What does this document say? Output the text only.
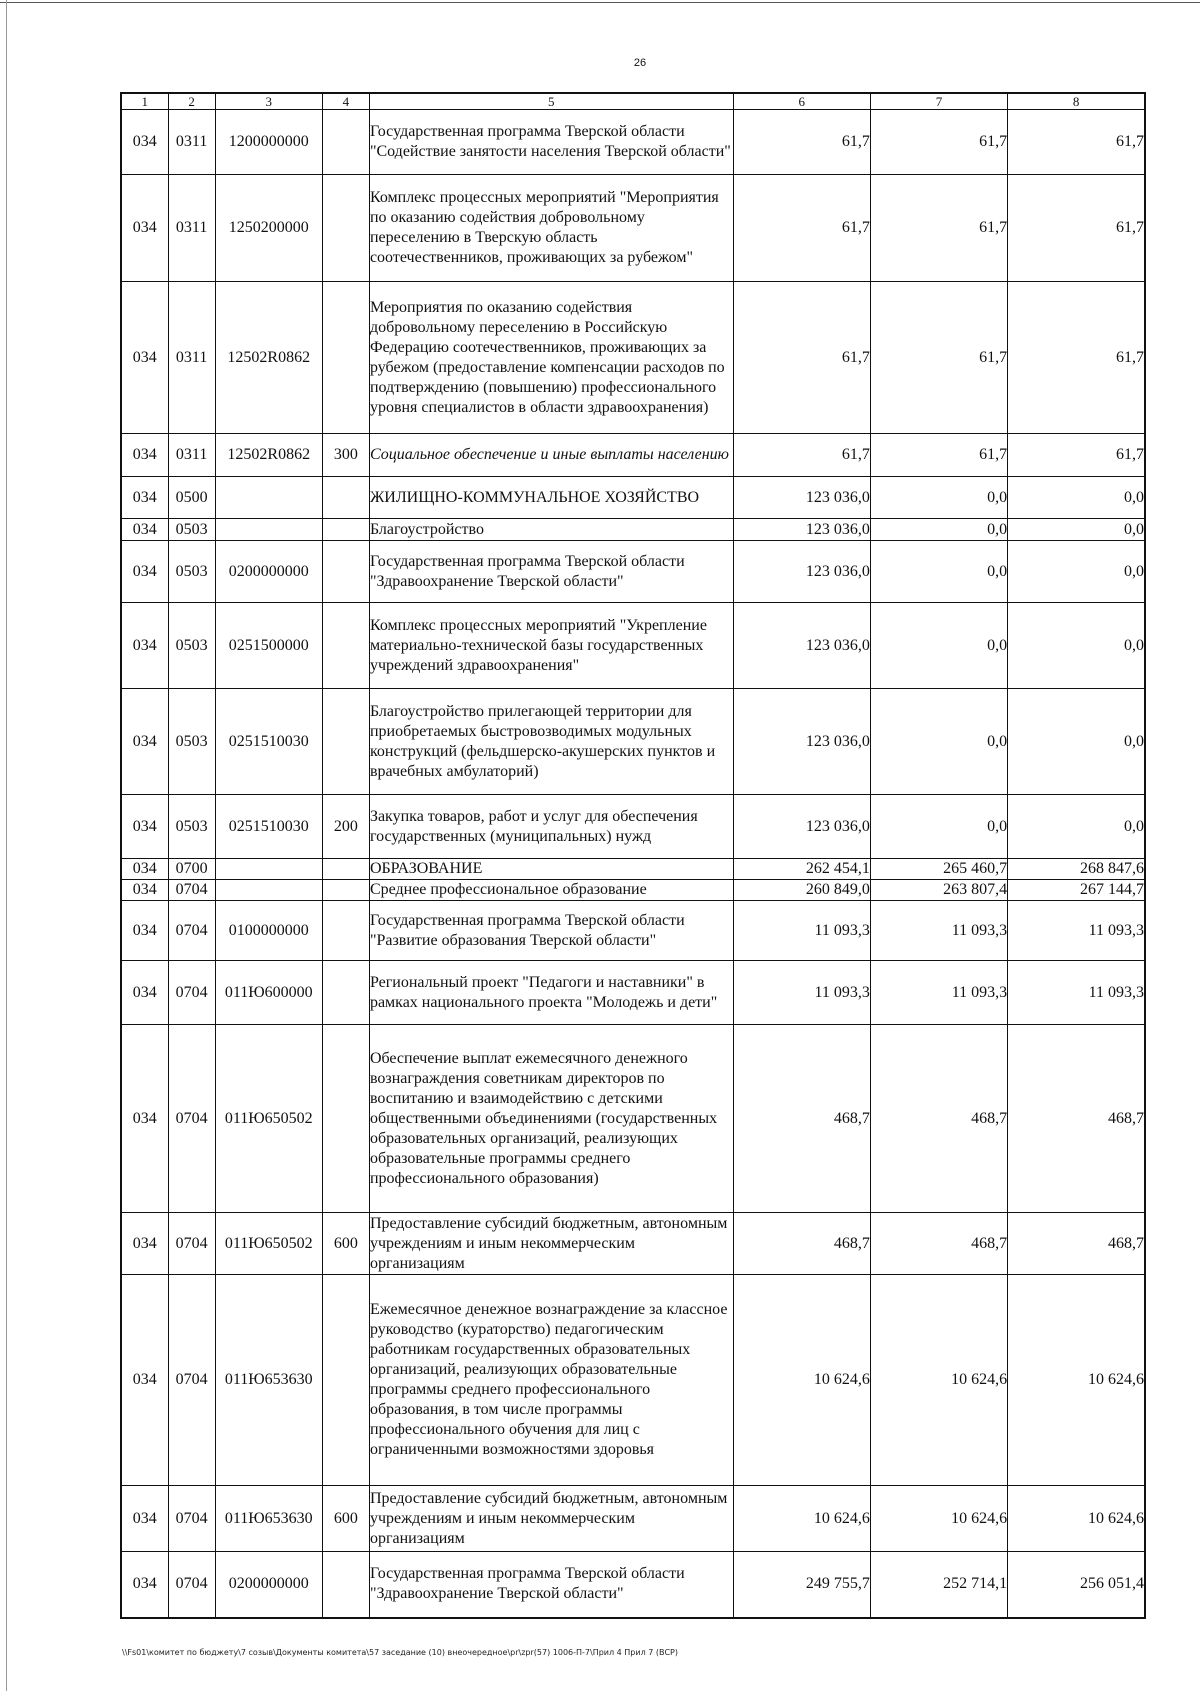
26
1	2	3	4	5	6	7	8
034	0311	1200000000		Государственная программа Тверской области "Содействие занятости населения Тверской области"	61,7	61,7	61,7
034	0311	1250200000		Комплекс процессных мероприятий "Мероприятия по оказанию содействия добровольному переселению в Тверскую область соотечественников, проживающих за рубежом"	61,7	61,7	61,7
034	0311	12502R0862		Мероприятия по оказанию содействия добровольному переселению в Российскую Федерацию соотечественников, проживающих за рубежом (предоставление компенсации расходов по подтверждению (повышению) профессионального уровня специалистов в области здравоохранения)	61,7	61,7	61,7
034	0311	12502R0862	300	Социальное обеспечение и иные выплаты населению	61,7	61,7	61,7
034	0500			ЖИЛИЩНО-КОММУНАЛЬНОЕ ХОЗЯЙСТВО	123 036,0	0,0	0,0
034	0503			Благоустройство	123 036,0	0,0	0,0
034	0503	0200000000		Государственная программа Тверской области "Здравоохранение Тверской области"	123 036,0	0,0	0,0
034	0503	0251500000		Комплекс процессных мероприятий "Укрепление материально-технической базы государственных учреждений здравоохранения"	123 036,0	0,0	0,0
034	0503	0251510030		Благоустройство прилегающей территории для приобретаемых быстровозводимых модульных конструкций (фельдшерско-акушерских пунктов и врачебных амбулаторий)	123 036,0	0,0	0,0
034	0503	0251510030	200	Закупка товаров, работ и услуг для обеспечения государственных (муниципальных) нужд	123 036,0	0,0	0,0
034	0700			ОБРАЗОВАНИЕ	262 454,1	265 460,7	268 847,6
034	0704			Среднее профессиональное образование	260 849,0	263 807,4	267 144,7
034	0704	0100000000		Государственная программа Тверской области "Развитие образования Тверской области"	11 093,3	11 093,3	11 093,3
034	0704	011Ю600000		Региональный проект "Педагоги и наставники" в рамках национального проекта "Молодежь и дети"	11 093,3	11 093,3	11 093,3
034	0704	011Ю650502		Обеспечение выплат ежемесячного денежного вознаграждения советникам директоров по воспитанию и взаимодействию с детскими общественными объединениями (государственных образовательных организаций, реализующих образовательные программы среднего профессионального образования)	468,7	468,7	468,7
034	0704	011Ю650502	600	Предоставление субсидий бюджетным, автономным учреждениям и иным некоммерческим организациям	468,7	468,7	468,7
034	0704	011Ю653630		Ежемесячное денежное вознаграждение за классное руководство (кураторство) педагогическим работникам государственных образовательных организаций, реализующих образовательные программы среднего профессионального образования, в том числе программы профессионального обучения для лиц с ограниченными возможностями здоровья	10 624,6	10 624,6	10 624,6
034	0704	011Ю653630	600	Предоставление субсидий бюджетным, автономным учреждениям и иным некоммерческим организациям	10 624,6	10 624,6	10 624,6
034	0704	0200000000		Государственная программа Тверской области "Здравоохранение Тверской области"	249 755,7	252 714,1	256 051,4
\\Fs01\комитет по бюджету\7 созыв\Документы комитета\57 заседание (10) внеочередное\pr\zpr(57) 1006-П-7\Прил 4 Прил 7 (ВСР)
